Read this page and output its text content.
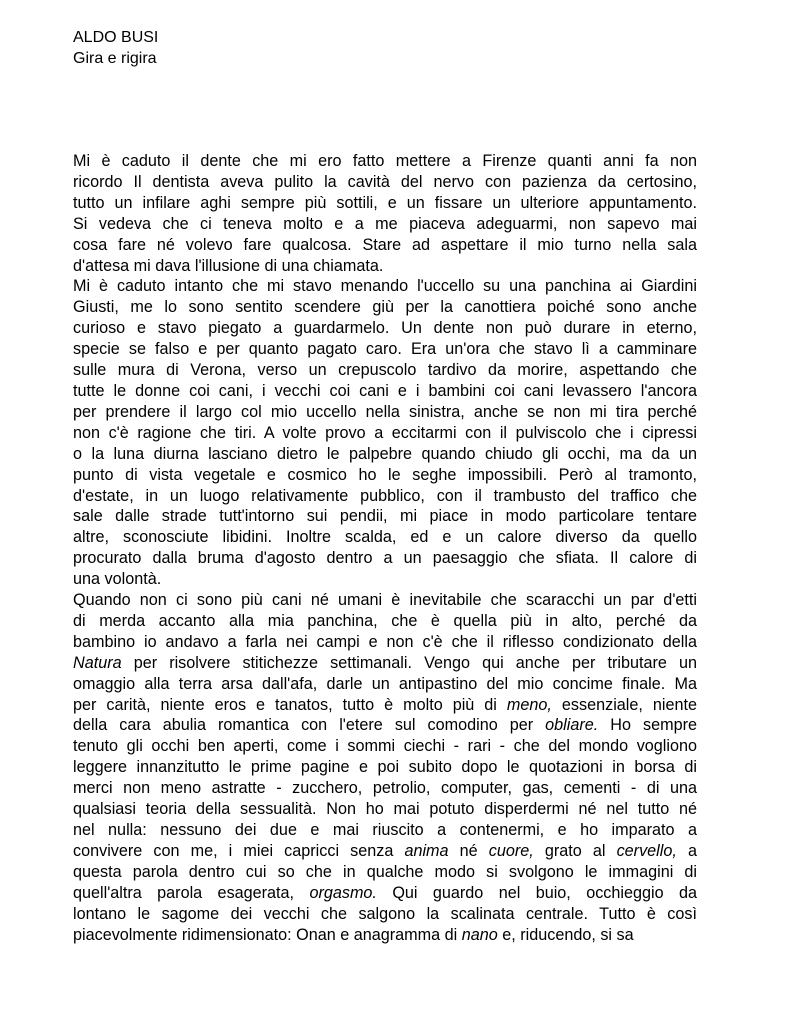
ALDO BUSI
Gira e rigira
Mi è caduto il dente che mi ero fatto mettere a Firenze quanti anni fa non
ricordo Il dentista aveva pulito la cavità del nervo con pazienza da certosino,
tutto un infilare aghi sempre più sottili, e un fissare un ulteriore appuntamento.
Si vedeva che ci teneva molto e a me piaceva adeguarmi, non sapevo mai
cosa fare né volevo fare qualcosa. Stare ad aspettare il mio turno nella sala
d'attesa mi dava l'illusione di una chiamata.
Mi è caduto intanto che mi stavo menando l'uccello su una panchina ai Giardini
Giusti, me lo sono sentito scendere giù per la canottiera poiché sono anche
curioso e stavo piegato a guardarmelo. Un dente non può durare in eterno,
specie se falso e per quanto pagato caro. Era un'ora che stavo lì a camminare
sulle mura di Verona, verso un crepuscolo tardivo da morire, aspettando che
tutte le donne coi cani, i vecchi coi cani e i bambini coi cani levassero l'ancora
per prendere il largo col mio uccello nella sinistra, anche se non mi tira perché
non c'è ragione che tiri. A volte provo a eccitarmi con il pulviscolo che i cipressi
o la luna diurna lasciano dietro le palpebre quando chiudo gli occhi, ma da un
punto di vista vegetale e cosmico ho le seghe impossibili. Però al tramonto,
d'estate, in un luogo relativamente pubblico, con il trambusto del traffico che
sale dalle strade tutt'intorno sui pendii, mi piace in modo particolare tentare
altre, sconosciute libidini. Inoltre scalda, ed e un calore diverso da quello
procurato dalla bruma d'agosto dentro a un paesaggio che sfiata. Il calore di
una volontà.
Quando non ci sono più cani né umani è inevitabile che scaracchi un par d'etti
di merda accanto alla mia panchina, che è quella più in alto, perché da
bambino io andavo a farla nei campi e non c'è che il riflesso condizionato della
Natura per risolvere stitichezze settimanali. Vengo qui anche per tributare un
omaggio alla terra arsa dall'afa, darle un antipastino del mio concime finale. Ma
per carità, niente eros e tanatos, tutto è molto più di meno, essenziale, niente
della cara abulia romantica con l'etere sul comodino per obliare. Ho sempre
tenuto gli occhi ben aperti, come i sommi ciechi - rari - che del mondo vogliono
leggere innanzitutto le prime pagine e poi subito dopo le quotazioni in borsa di
merci non meno astratte - zucchero, petrolio, computer, gas, cementi - di una
qualsiasi teoria della sessualità. Non ho mai potuto disperdermi né nel tutto né
nel nulla: nessuno dei due e mai riuscito a contenermi, e ho imparato a
convivere con me, i miei capricci senza anima né cuore, grato al cervello, a
questa parola dentro cui so che in qualche modo si svolgono le immagini di
quell'altra parola esagerata, orgasmo. Qui guardo nel buio, occhieggio da
lontano le sagome dei vecchi che salgono la scalinata centrale. Tutto è così
piacevolmente ridimensionato: Onan e anagramma di nano e, riducendo, si sa
